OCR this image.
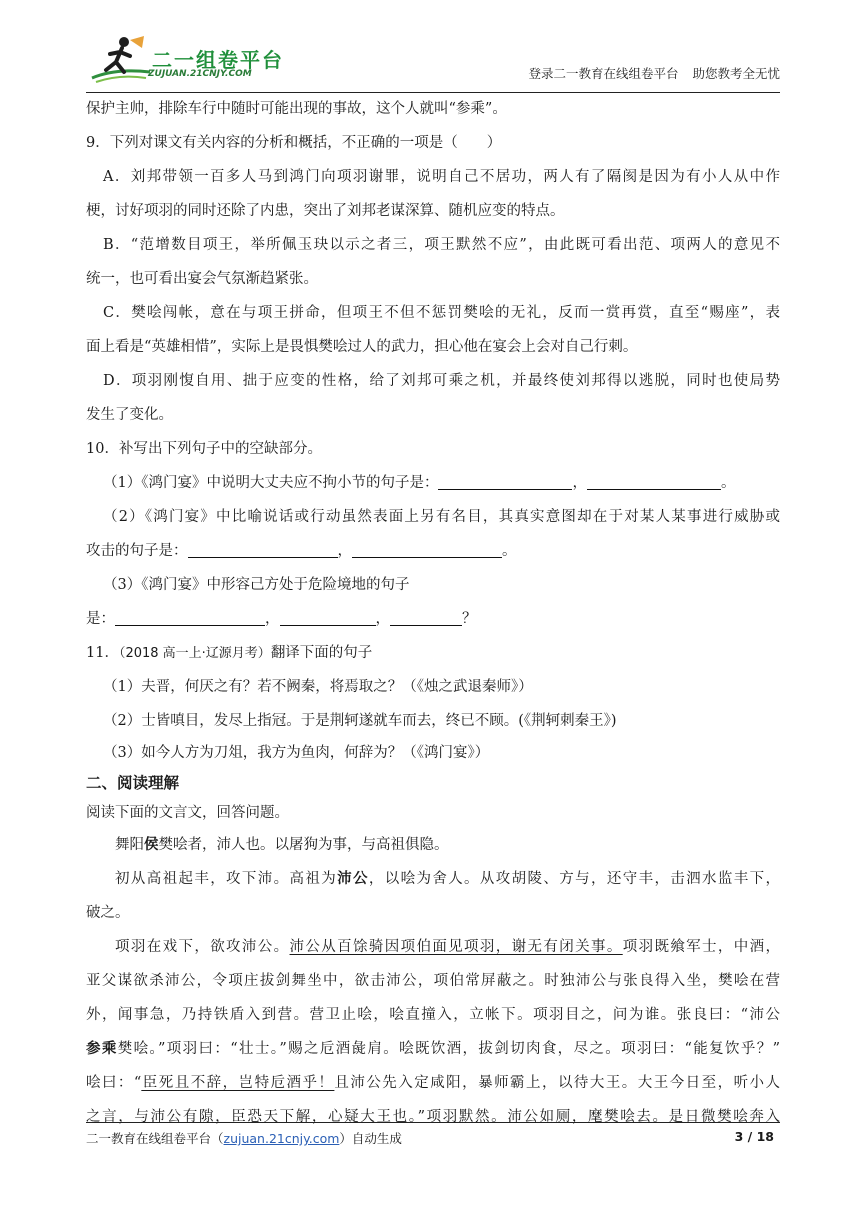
二一组卷平台
ZUJUAN.21CNJY.COM	登录二一教育在线组卷平台 助您教考全无忧
保护主帅，排除车行中随时可能出现的事故，这个人就叫“参乘”。
9．下列对课文有关内容的分析和概括，不正确的一项是（　　）
A．刘邦带领一百多人马到鸿门向项羽谢罪，说明自己不居功，两人有了隔阂是因为有小人从中作
梗，讨好项羽的同时还除了内患，突出了刘邦老谋深算、随机应变的特点。
B．“范增数目项王，举所佩玉玦以示之者三，项王默然不应”，由此既可看出范、项两人的意见不
统一，也可看出宴会气氛渐趋紧张。
C．樊哙闯帐，意在与项王拼命，但项王不但不惩罚樊哙的无礼，反而一赏再赏，直至“赐座”，表
面上看是“英雄相惜”，实际上是畏惧樊哙过人的武力，担心他在宴会上会对自己行刺。
D．项羽刚愎自用、拙于应变的性格，给了刘邦可乘之机，并最终使刘邦得以逃脱，同时也使局势
发生了变化。
10．补写出下列句子中的空缺部分。
（1）《鸿门宴》中说明大丈夫应不拘小节的句子是：	，	。
（2）《鸿门宴》中比喻说话或行动虽然表面上另有名目，其真实意图却在于对某人某事进行威胁或
攻击的句子是：	，	。
（3）《鸿门宴》中形容己方处于危险境地的句子
是：	，	，	？
11．（2018 高一上·辽源月考）翻译下面的句子
（1）夫晋，何厌之有？若不阙秦，将焉取之？（《烛之武退秦师》）
（2）士皆嗔目，发尽上指冠。于是荆轲遂就车而去，终已不顾。(《荆轲刺秦王》)
（3）如今人方为刀俎，我方为鱼肉，何辞为？（《鸿门宴》）
二、阅读理解
阅读下面的文言文，回答问题。
舞阳侯樊哙者，沛人也。以屠狗为事，与高祖俱隐。
初从高祖起丰，攻下沛。高祖为沛公，以哙为舍人。从攻胡陵、方与，还守丰，击泗水监丰下，
破之。
项羽在戏下，欲攻沛公。沛公从百馀骑因项伯面见项羽，谢无有闭关事。项羽既飨军士，中酒，
亚父谋欲杀沛公，令项庄拔剑舞坐中，欲击沛公，项伯常屏蔽之。时独沛公与张良得入坐，樊哙在营
外，闻事急，乃持铁盾入到营。营卫止哙，哙直撞入，立帐下。项羽目之，问为谁。张良曰：“沛公
参乘樊哙。”项羽曰：“壮士。”赐之卮酒彘肩。哙既饮酒，拔剑切肉食，尽之。项羽曰：“能复饮乎？”
哙曰：“臣死且不辞，岂特卮酒乎！且沛公先入定咸阳，暴师霸上，以待大王。大王今日至，听小人
之言，与沛公有隙，臣恐天下解，心疑大王也。”项羽默然。沛公如厕，麾樊哙去。是日微樊哙奔入
二一教育在线组卷平台（zujuan.21cnjy.com）自动生成	3 / 18
